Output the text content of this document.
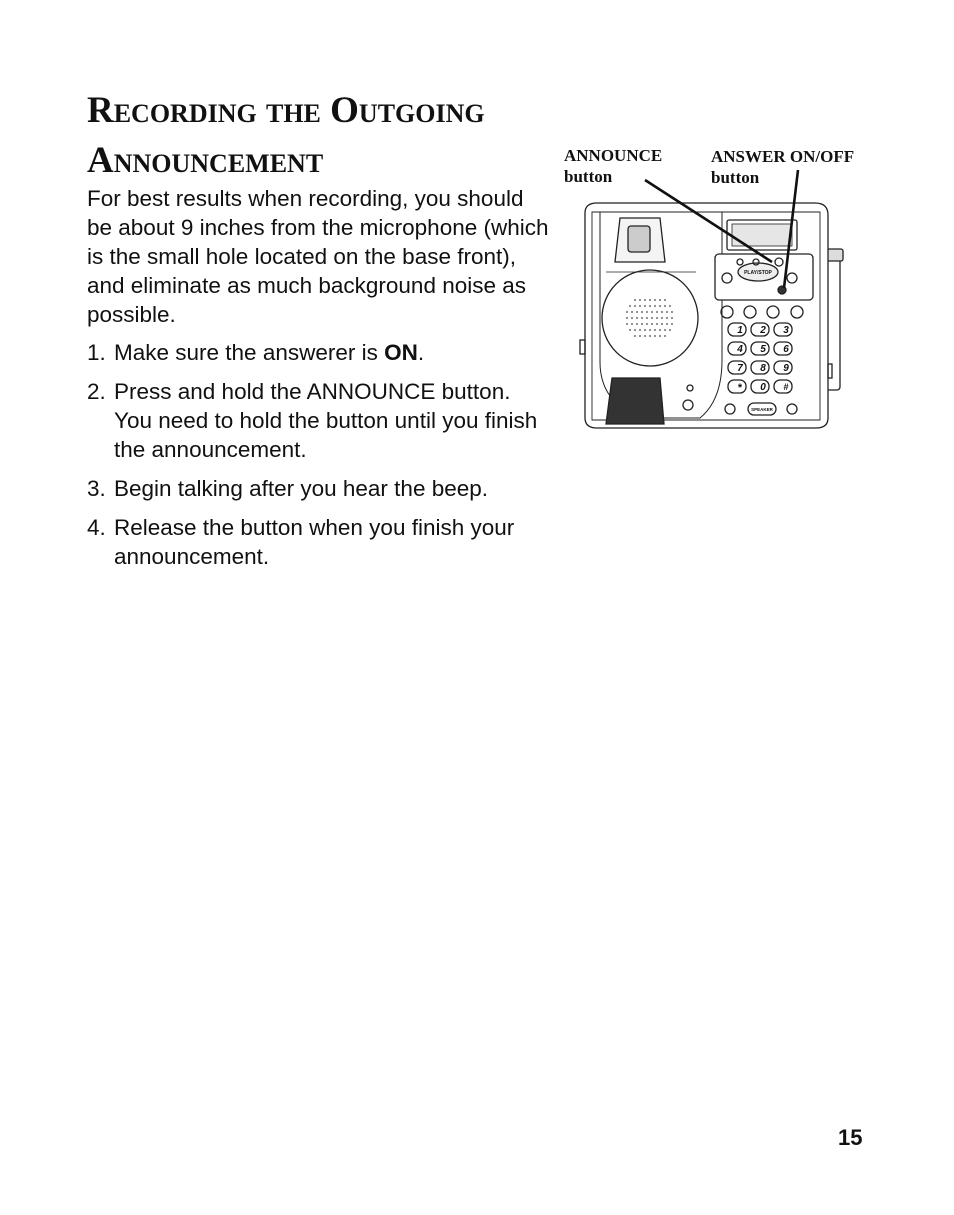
Recording the Outgoing
Announcement

For best results when recording, you should be about 9 inches from the microphone (which is the small hole located on the base front), and eliminate as much background noise as possible.

1. Make sure the answerer is ON.
2. Press and hold the ANNOUNCE button. You need to hold the button until you finish the announcement.
3. Begin talking after you hear the beep.
4. Release the button when you finish your announcement.
ANNOUNCE
button
ANSWER ON/OFF
button
PLAY/STOP
SPEAKER
1 2 3
4 5 6
7 8 9
* 0 #
15
